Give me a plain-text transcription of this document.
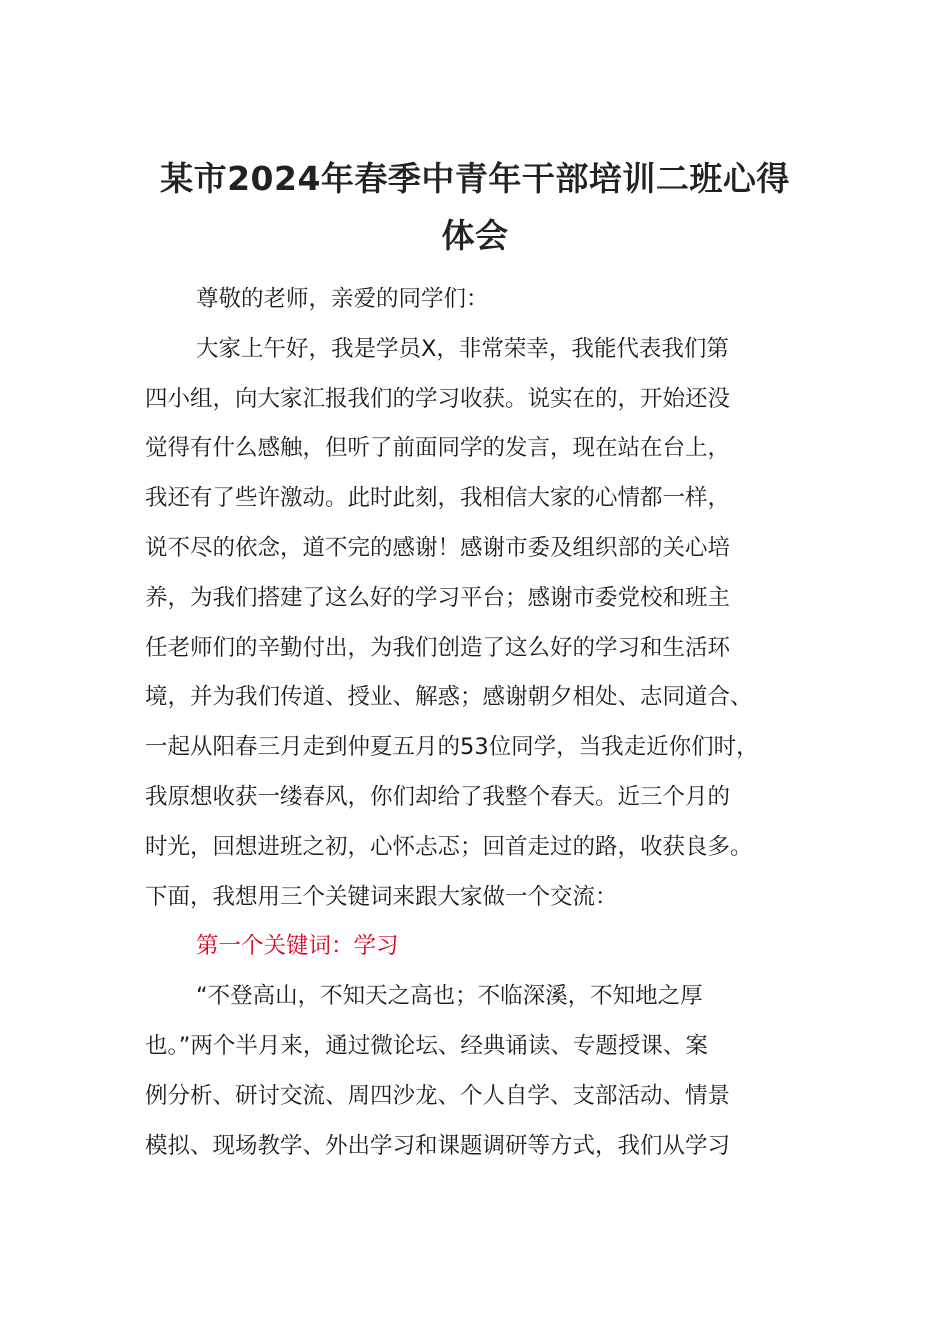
某市2024年春季中青年干部培训二班心得
体会

尊敬的老师，亲爱的同学们：

大家上午好，我是学员X，非常荣幸，我能代表我们第
四小组，向大家汇报我们的学习收获。说实在的，开始还没
觉得有什么感触，但听了前面同学的发言，现在站在台上，
我还有了些许激动。此时此刻，我相信大家的心情都一样，
说不尽的依念，道不完的感谢！感谢市委及组织部的关心培
养，为我们搭建了这么好的学习平台；感谢市委党校和班主
任老师们的辛勤付出，为我们创造了这么好的学习和生活环
境，并为我们传道、授业、解惑；感谢朝夕相处、志同道合、
一起从阳春三月走到仲夏五月的53位同学，当我走近你们时，
我原想收获一缕春风，你们却给了我整个春天。近三个月的
时光，回想进班之初，心怀忐忑；回首走过的路，收获良多。
下面，我想用三个关键词来跟大家做一个交流：

第一个关键词：学习

“不登高山，不知天之高也；不临深溪，不知地之厚
也。”两个半月来，通过微论坛、经典诵读、专题授课、案
例分析、研讨交流、周四沙龙、个人自学、支部活动、情景
模拟、现场教学、外出学习和课题调研等方式，我们从学习
